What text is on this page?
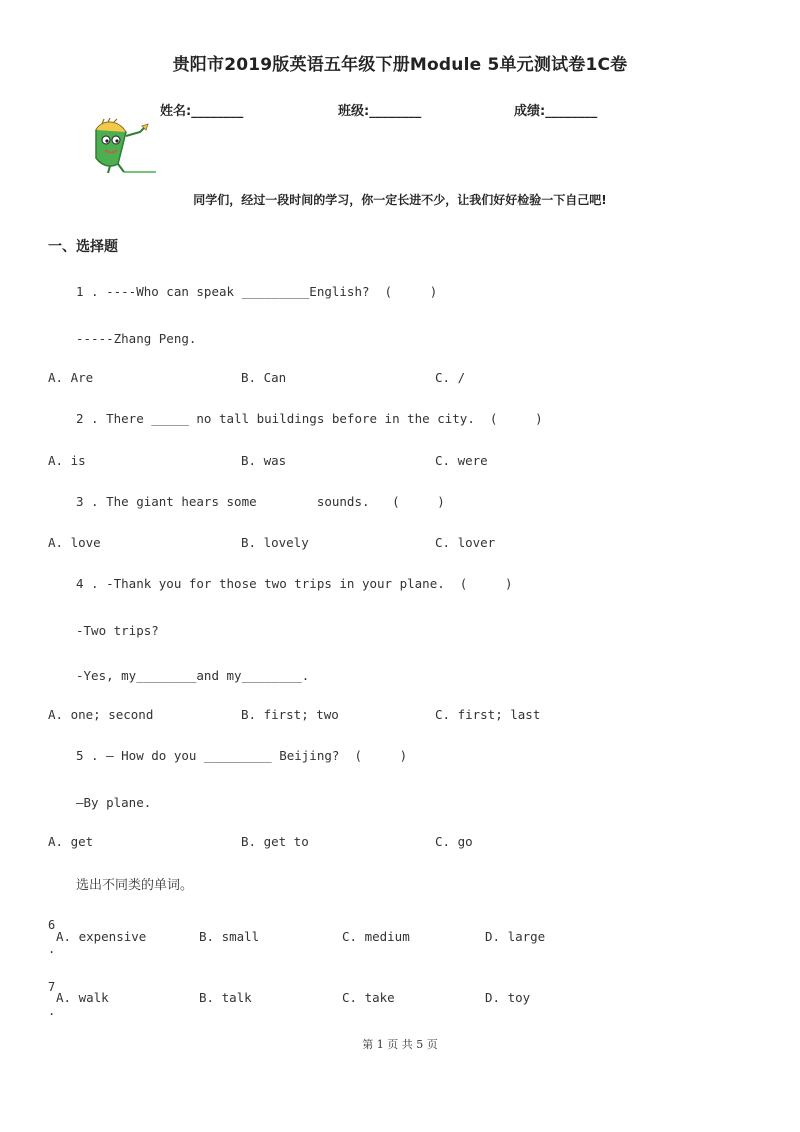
贵阳市2019版英语五年级下册Module 5单元测试卷1C卷
姓名:________	班级:________	成绩:________
同学们，经过一段时间的学习，你一定长进不少，让我们好好检验一下自己吧!
一、选择题
1 . ----Who can speak _________English?  (     )
-----Zhang Peng.
A. Are	B. Can	C. /
2 . There _____ no tall buildings before in the city.  (     )
A. is	B. was	C. were
3 . The giant hears some        sounds.   (     )
A. love	B. lovely	C. lover
4 . -Thank you for those two trips in your plane.  (     )
-Two trips?
-Yes, my________and my________.
A. one; second	B. first; two	C. first; last
5 . — How do you _________ Beijing?  (     )
—By plane.
A. get	B. get to	C. go
选出不同类的单词。
6
.
A. expensive	B. small	C. medium	D. large
7
.
A. walk	B. talk	C. take	D. toy
第 1 页 共 5 页
